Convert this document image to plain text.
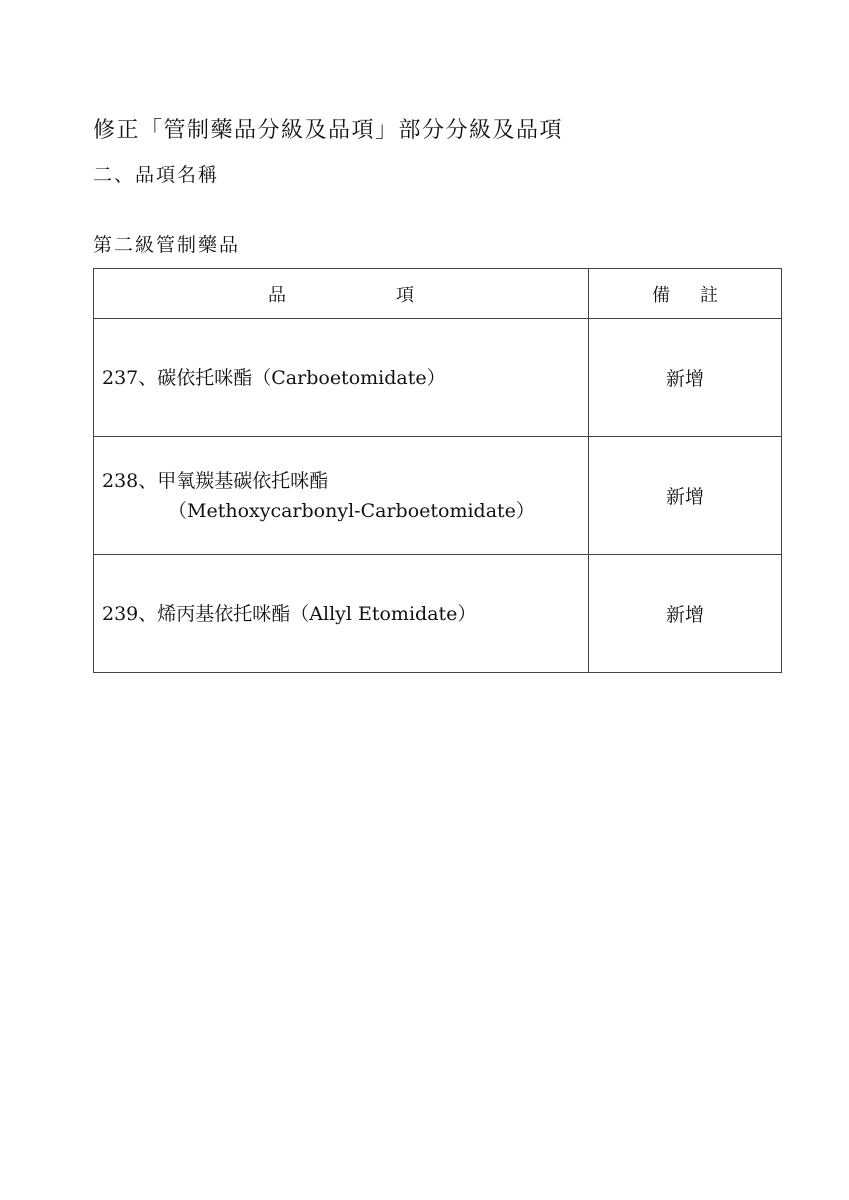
修正「管制藥品分級及品項」部分分級及品項
二、品項名稱
第二級管制藥品
品 項	備 註

237、碳依托咪酯（Carboetomidate）	新增

238、甲氧羰基碳依托咪酯
（Methoxycarbonyl-Carboetomidate）	新增

239、烯丙基依托咪酯（Allyl Etomidate）	新增
